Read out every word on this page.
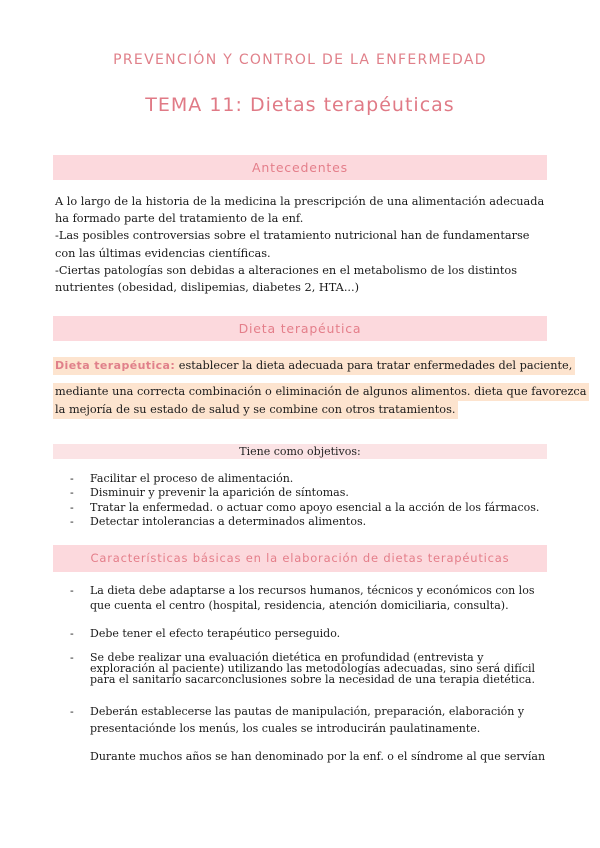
PREVENCIÓN Y CONTROL DE LA ENFERMEDAD
TEMA 11: Dietas terapéuticas
Antecedentes

A lo largo de la historia de la medicina la prescripción de una alimentación adecuada ha formado parte del tratamiento de la enf.

-Las posibles controversias sobre el tratamiento nutricional han de fundamentarse con las últimas evidencias científicas.

-Ciertas patologías son debidas a alteraciones en el metabolismo de los distintos nutrientes (obesidad, dislipemias, diabetes 2, HTA...)

Dieta terapéutica
Dieta terapéutica: establecer la dieta adecuada para tratar enfermedades del paciente,
mediante una correcta combinación o eliminación de algunos alimentos. dieta que favorezca
la mejoría de su estado de salud y se combine con otros tratamientos.
Tiene como objetivos:
- Facilitar el proceso de alimentación.
- Disminuir y prevenir la aparición de síntomas.
- Tratar la enfermedad. o actuar como apoyo esencial a la acción de los fármacos.
- Detectar intolerancias a determinados alimentos.
Características básicas en la elaboración de dietas terapéuticas
- La dieta debe adaptarse a los recursos humanos, técnicos y económicos con los que cuenta el centro (hospital, residencia, atención domiciliaria, consulta).
- Debe tener el efecto terapéutico perseguido.
- Se debe realizar una evaluación dietética en profundidad (entrevista y exploración al paciente) utilizando las metodologías adecuadas, sino será difícil para el sanitario sacarconclusiones sobre la necesidad de una terapia dietética.
- Deberán establecerse las pautas de manipulación, preparación, elaboración y presentaciónde los menús, los cuales se introducirán paulatinamente.
Durante muchos años se han denominado por la enf. o el síndrome al que servían
